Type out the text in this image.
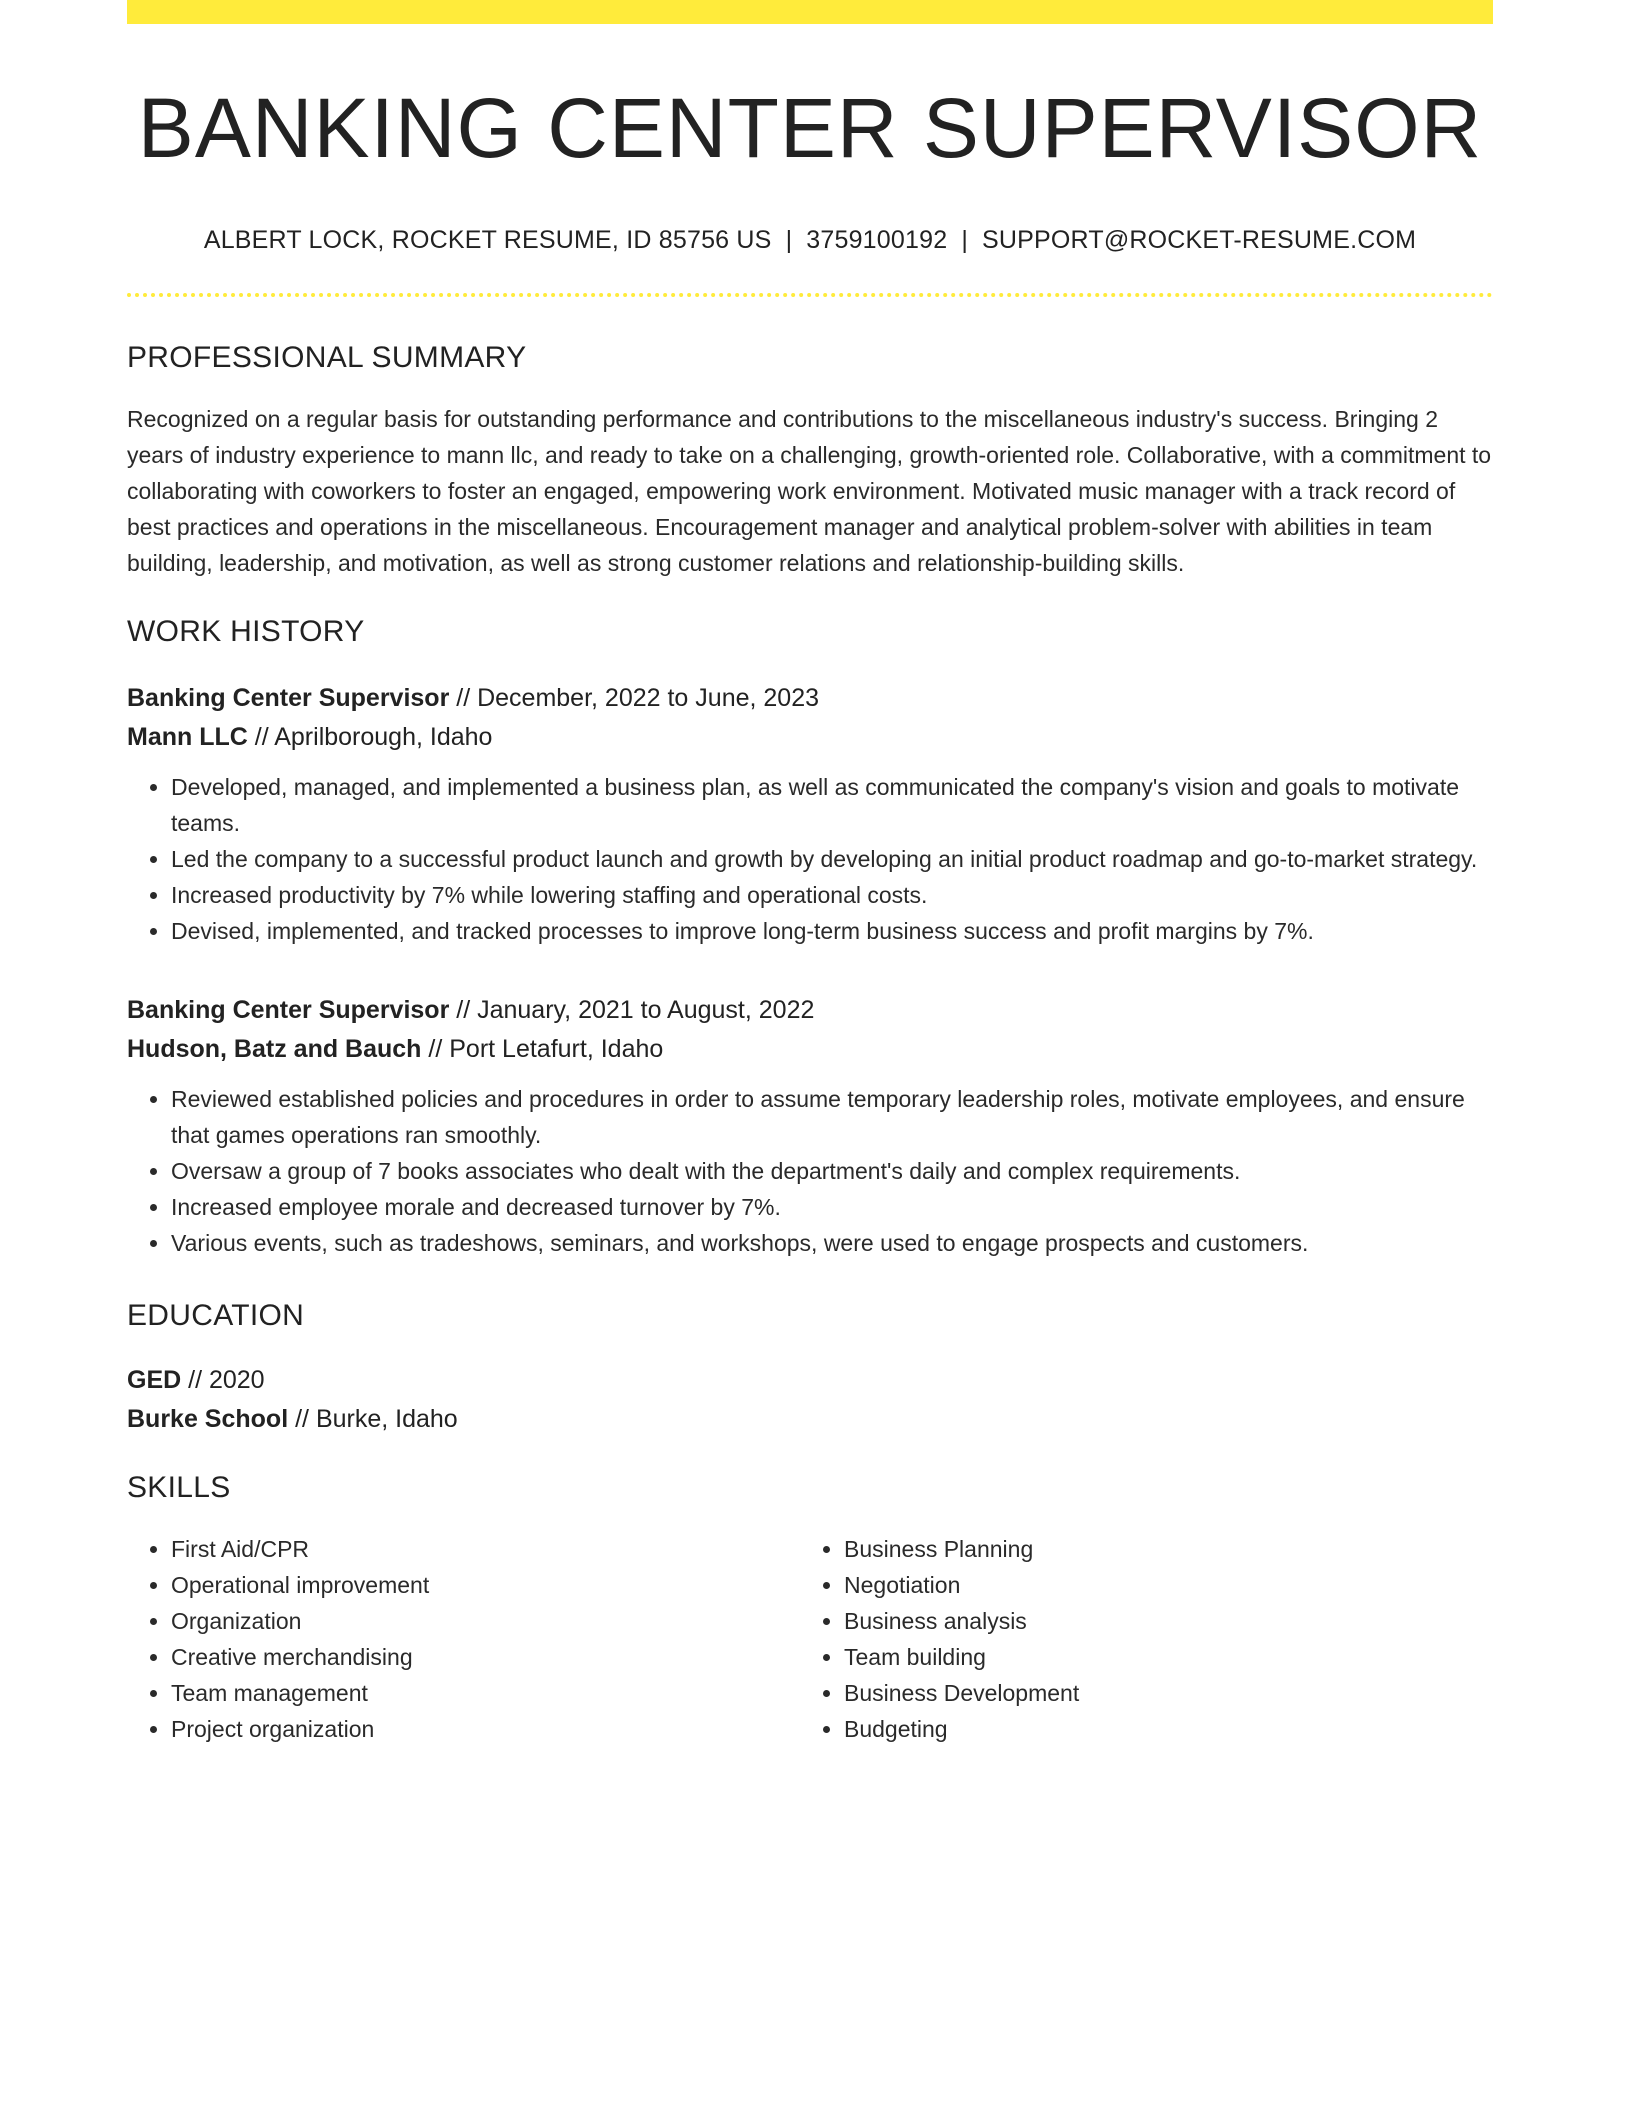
BANKING CENTER SUPERVISOR
ALBERT LOCK, ROCKET RESUME, ID 85756 US | 3759100192 | SUPPORT@ROCKET-RESUME.COM
PROFESSIONAL SUMMARY

Recognized on a regular basis for outstanding performance and contributions to the miscellaneous industry's success. Bringing 2 years of industry experience to mann llc, and ready to take on a challenging, growth-oriented role. Collaborative, with a commitment to collaborating with coworkers to foster an engaged, empowering work environment. Motivated music manager with a track record of best practices and operations in the miscellaneous. Encouragement manager and analytical problem-solver with abilities in team building, leadership, and motivation, as well as strong customer relations and relationship-building skills.

WORK HISTORY
Banking Center Supervisor // December, 2022 to June, 2023
Mann LLC // Aprilborough, Idaho
• Developed, managed, and implemented a business plan, as well as communicated the company's vision and goals to motivate teams.
• Led the company to a successful product launch and growth by developing an initial product roadmap and go-to-market strategy.
• Increased productivity by 7% while lowering staffing and operational costs.
• Devised, implemented, and tracked processes to improve long-term business success and profit margins by 7%.
Banking Center Supervisor // January, 2021 to August, 2022
Hudson, Batz and Bauch // Port Letafurt, Idaho
• Reviewed established policies and procedures in order to assume temporary leadership roles, motivate employees, and ensure that games operations ran smoothly.
• Oversaw a group of 7 books associates who dealt with the department's daily and complex requirements.
• Increased employee morale and decreased turnover by 7%.
• Various events, such as tradeshows, seminars, and workshops, were used to engage prospects and customers.
EDUCATION
GED // 2020
Burke School // Burke, Idaho
SKILLS
• First Aid/CPR
• Operational improvement
• Organization
• Creative merchandising
• Team management
• Project organization
• Business Planning
• Negotiation
• Business analysis
• Team building
• Business Development
• Budgeting
